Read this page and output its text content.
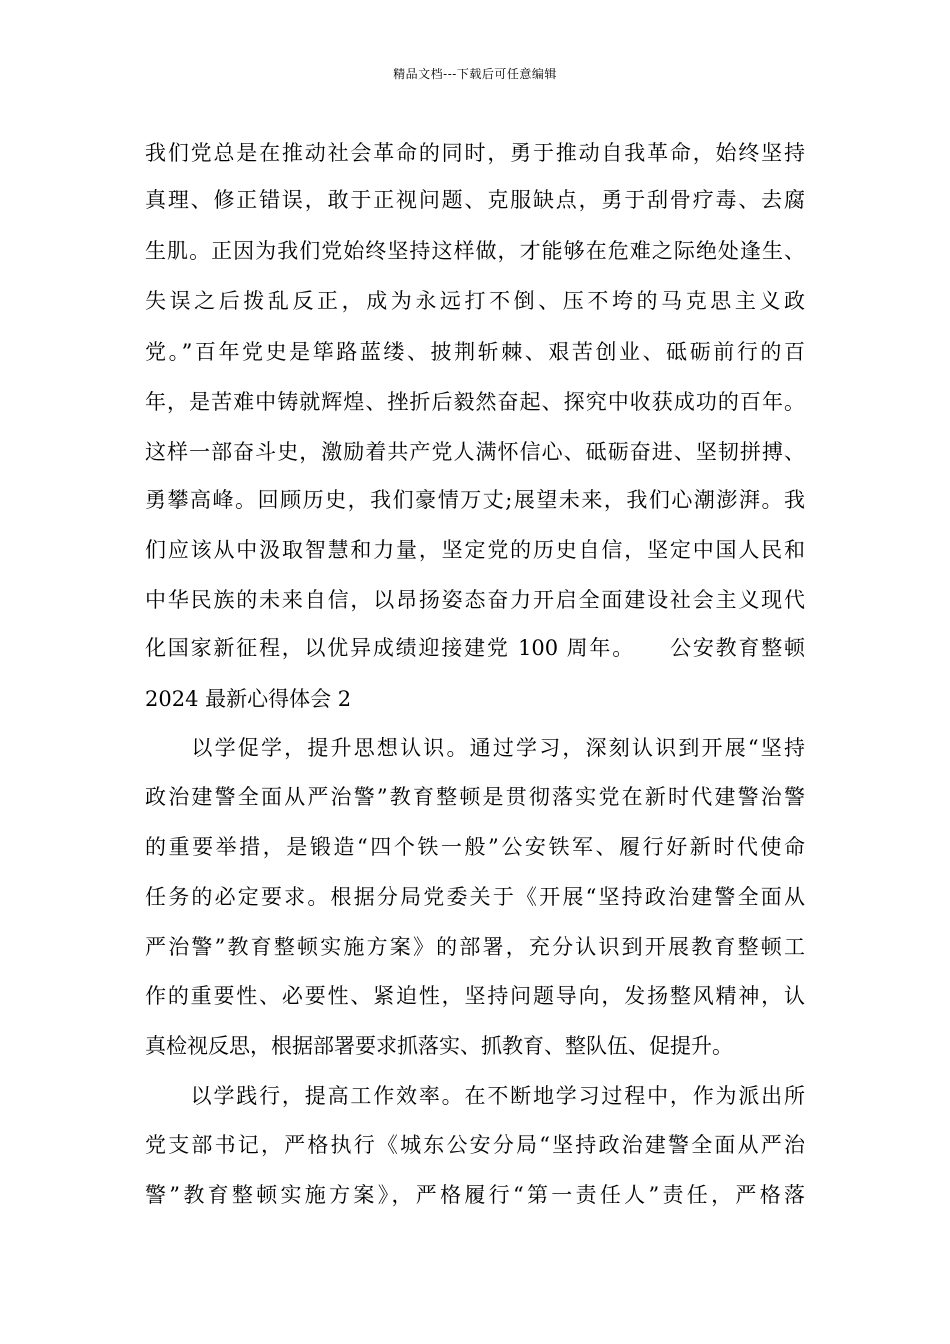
精品文档---下载后可任意编辑
我们党总是在推动社会革命的同时，勇于推动自我革命，始终坚持
真理、修正错误，敢于正视问题、克服缺点，勇于刮骨疗毒、去腐
生肌。正因为我们党始终坚持这样做，才能够在危难之际绝处逢生、
失误之后拨乱反正，成为永远打不倒、压不垮的马克思主义政
党。”百年党史是筚路蓝缕、披荆斩棘、艰苦创业、砥砺前行的百
年，是苦难中铸就辉煌、挫折后毅然奋起、探究中收获成功的百年。
这样一部奋斗史，激励着共产党人满怀信心、砥砺奋进、坚韧拼搏、
勇攀高峰。回顾历史，我们豪情万丈;展望未来，我们心潮澎湃。我
们应该从中汲取智慧和力量，坚定党的历史自信，坚定中国人民和
中华民族的未来自信，以昂扬姿态奋力开启全面建设社会主义现代
化国家新征程，以优异成绩迎接建党 100 周年。　　公安教育整顿
2024 最新心得体会 2
　　以学促学，提升思想认识。通过学习，深刻认识到开展“坚持
政治建警全面从严治警”教育整顿是贯彻落实党在新时代建警治警
的重要举措，是锻造“四个铁一般”公安铁军、履行好新时代使命
任务的必定要求。根据分局党委关于《开展“坚持政治建警全面从
严治警”教育整顿实施方案》的部署，充分认识到开展教育整顿工
作的重要性、必要性、紧迫性，坚持问题导向，发扬整风精神，认
真检视反思，根据部署要求抓落实、抓教育、整队伍、促提升。
　　以学践行，提高工作效率。在不断地学习过程中，作为派出所
党支部书记，严格执行《城东公安分局“坚持政治建警全面从严治
警”教育整顿实施方案》，严格履行“第一责任人”责任，严格落
